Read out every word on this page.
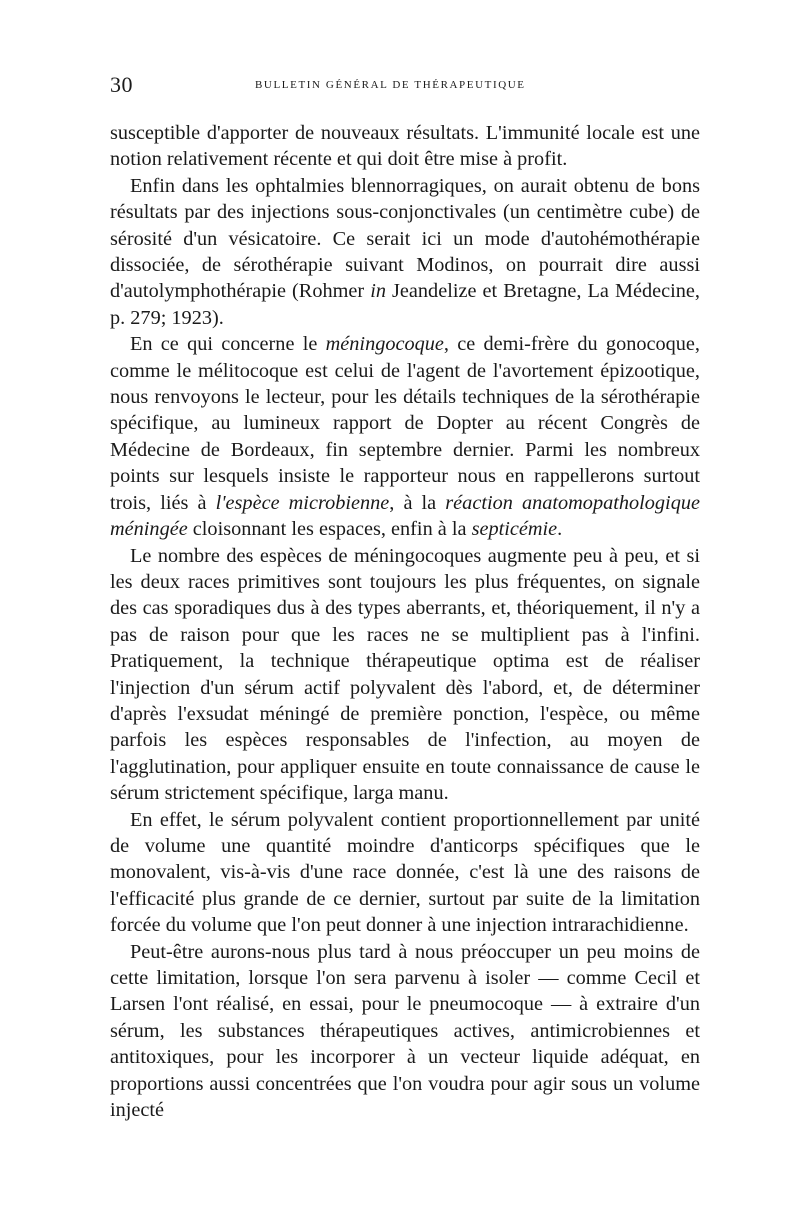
30	BULLETIN GÉNÉRAL DE THÉRAPEUTIQUE

susceptible d'apporter de nouveaux résultats. L'immunité locale est une notion relativement récente et qui doit être mise à profit.

Enfin dans les ophtalmies blennorragiques, on aurait obtenu de bons résultats par des injections sous-conjonctivales (un centimètre cube) de sérosité d'un vésicatoire. Ce serait ici un mode d'autohémothérapie dissociée, de sérothérapie suivant Modinos, on pourrait dire aussi d'autolymphothérapie (Rohmer in Jeandelize et Bretagne, La Médecine, p. 279; 1923).

En ce qui concerne le méningocoque, ce demi-frère du gonocoque, comme le mélitocoque est celui de l'agent de l'avortement épizootique, nous renvoyons le lecteur, pour les détails techniques de la sérothérapie spécifique, au lumineux rapport de Dopter au récent Congrès de Médecine de Bordeaux, fin septembre dernier. Parmi les nombreux points sur lesquels insiste le rapporteur nous en rappellerons surtout trois, liés à l'espèce microbienne, à la réaction anatomopathologique méningée cloisonnant les espaces, enfin à la septicémie.

Le nombre des espèces de méningocoques augmente peu à peu, et si les deux races primitives sont toujours les plus fréquentes, on signale des cas sporadiques dus à des types aberrants, et, théoriquement, il n'y a pas de raison pour que les races ne se multiplient pas à l'infini. Pratiquement, la technique thérapeutique optima est de réaliser l'injection d'un sérum actif polyvalent dès l'abord, et, de déterminer d'après l'exsudat méningé de première ponction, l'espèce, ou même parfois les espèces responsables de l'infection, au moyen de l'agglutination, pour appliquer ensuite en toute connaissance de cause le sérum strictement spécifique, larga manu.

En effet, le sérum polyvalent contient proportionnellement par unité de volume une quantité moindre d'anticorps spécifiques que le monovalent, vis-à-vis d'une race donnée, c'est là une des raisons de l'efficacité plus grande de ce dernier, surtout par suite de la limitation forcée du volume que l'on peut donner à une injection intrarachidienne.

Peut-être aurons-nous plus tard à nous préoccuper un peu moins de cette limitation, lorsque l'on sera parvenu à isoler — comme Cecil et Larsen l'ont réalisé, en essai, pour le pneumocoque — à extraire d'un sérum, les substances thérapeutiques actives, antimicrobiennes et antitoxiques, pour les incorporer à un vecteur liquide adéquat, en proportions aussi concentrées que l'on voudra pour agir sous un volume injecté
